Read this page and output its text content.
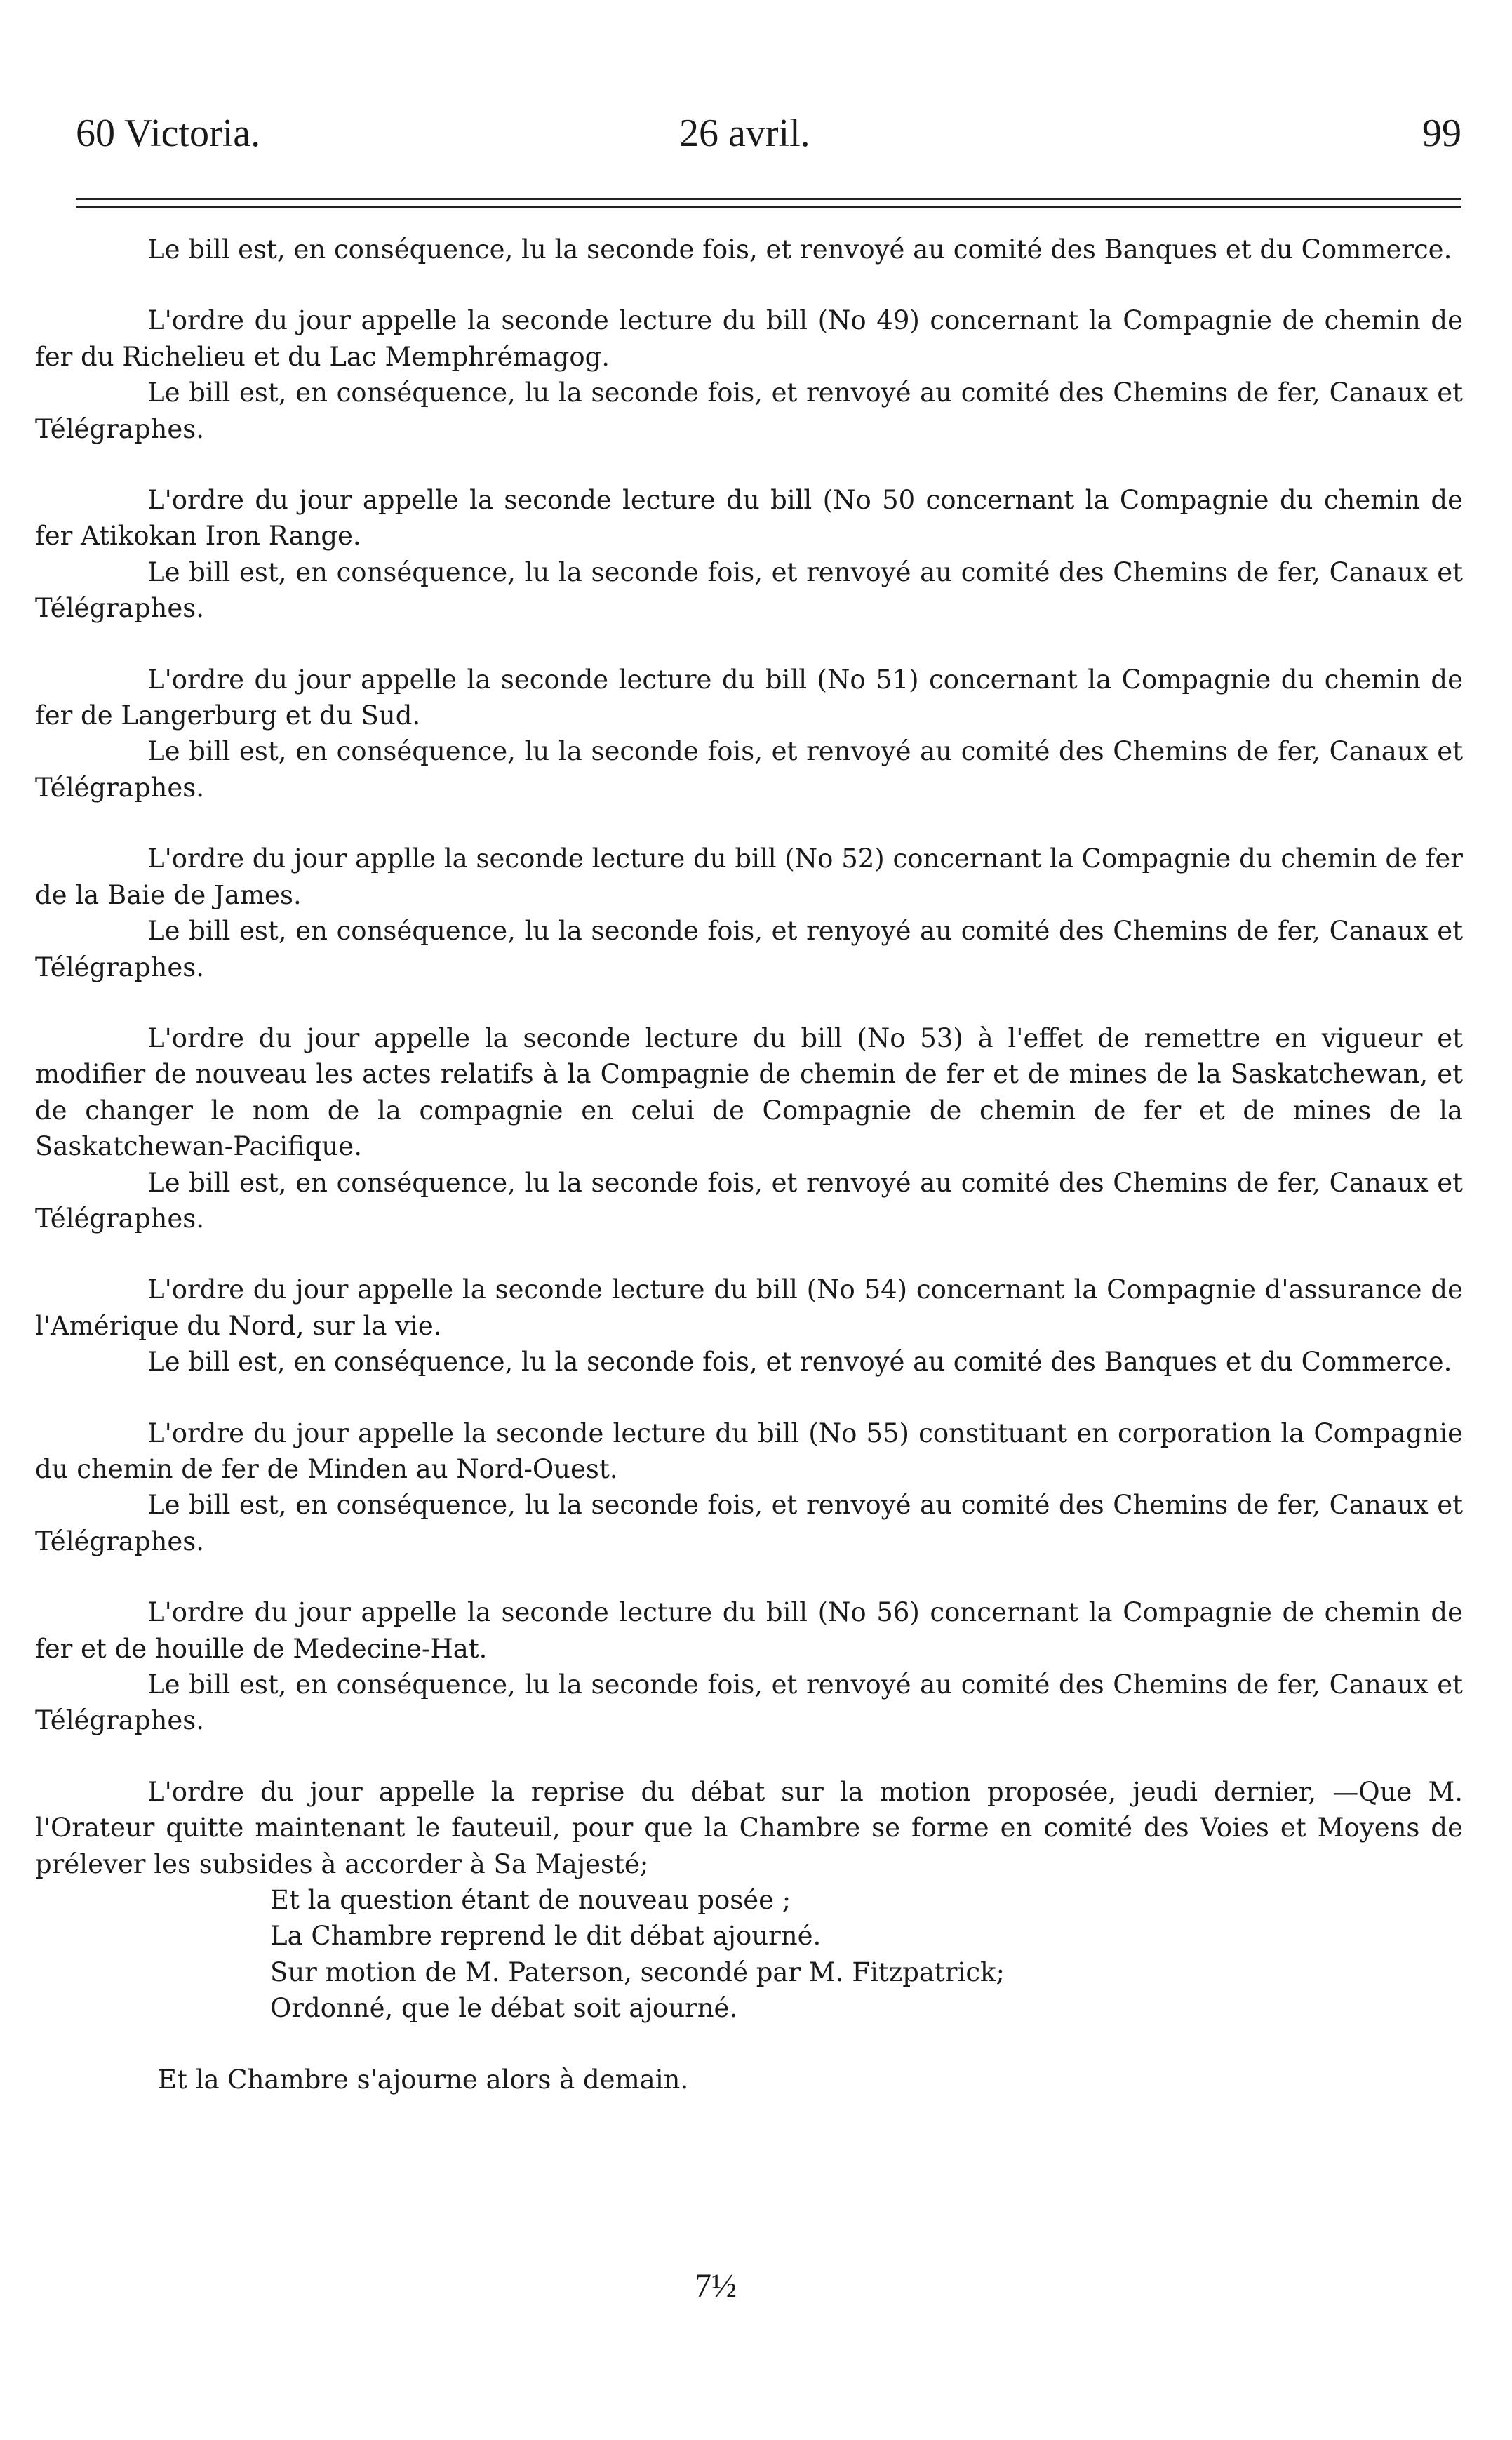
60 Victoria.	26 avril.	99

Le bill est, en conséquence, lu la seconde fois, et renvoyé au comité des Banques et du Commerce.

L'ordre du jour appelle la seconde lecture du bill (No 49) concernant la Compagnie de chemin de fer du Richelieu et du Lac Memphrémagog.

Le bill est, en conséquence, lu la seconde fois, et renvoyé au comité des Chemins de fer, Canaux et Télégraphes.

L'ordre du jour appelle la seconde lecture du bill (No 50 concernant la Compagnie du chemin de fer Atikokan Iron Range.

Le bill est, en conséquence, lu la seconde fois, et renvoyé au comité des Chemins de fer, Canaux et Télégraphes.

L'ordre du jour appelle la seconde lecture du bill (No 51) concernant la Compagnie du chemin de fer de Langerburg et du Sud.

Le bill est, en conséquence, lu la seconde fois, et renvoyé au comité des Chemins de fer, Canaux et Télégraphes.

L'ordre du jour applle la seconde lecture du bill (No 52) concernant la Compagnie du chemin de fer de la Baie de James.

Le bill est, en conséquence, lu la seconde fois, et renyoyé au comité des Chemins de fer, Canaux et Télégraphes.

L'ordre du jour appelle la seconde lecture du bill (No 53) à l'effet de remettre en vigueur et modifier de nouveau les actes relatifs à la Compagnie de chemin de fer et de mines de la Saskatchewan, et de changer le nom de la compagnie en celui de Compagnie de chemin de fer et de mines de la Saskatchewan-Pacifique.

Le bill est, en conséquence, lu la seconde fois, et renvoyé au comité des Chemins de fer, Canaux et Télégraphes.

L'ordre du jour appelle la seconde lecture du bill (No 54) concernant la Compagnie d'assurance de l'Amérique du Nord, sur la vie.

Le bill est, en conséquence, lu la seconde fois, et renvoyé au comité des Banques et du Commerce.

L'ordre du jour appelle la seconde lecture du bill (No 55) constituant en corporation la Compagnie du chemin de fer de Minden au Nord-Ouest.

Le bill est, en conséquence, lu la seconde fois, et renvoyé au comité des Chemins de fer, Canaux et Télégraphes.

L'ordre du jour appelle la seconde lecture du bill (No 56) concernant la Compagnie de chemin de fer et de houille de Medecine-Hat.

Le bill est, en conséquence, lu la seconde fois, et renvoyé au comité des Chemins de fer, Canaux et Télégraphes.

L'ordre du jour appelle la reprise du débat sur la motion proposée, jeudi dernier, —Que M. l'Orateur quitte maintenant le fauteuil, pour que la Chambre se forme en comité des Voies et Moyens de prélever les subsides à accorder à Sa Majesté;

Et la question étant de nouveau posée ;

La Chambre reprend le dit débat ajourné.

Sur motion de M. Paterson, secondé par M. Fitzpatrick;

Ordonné, que le débat soit ajourné.

Et la Chambre s'ajourne alors à demain.

7½
